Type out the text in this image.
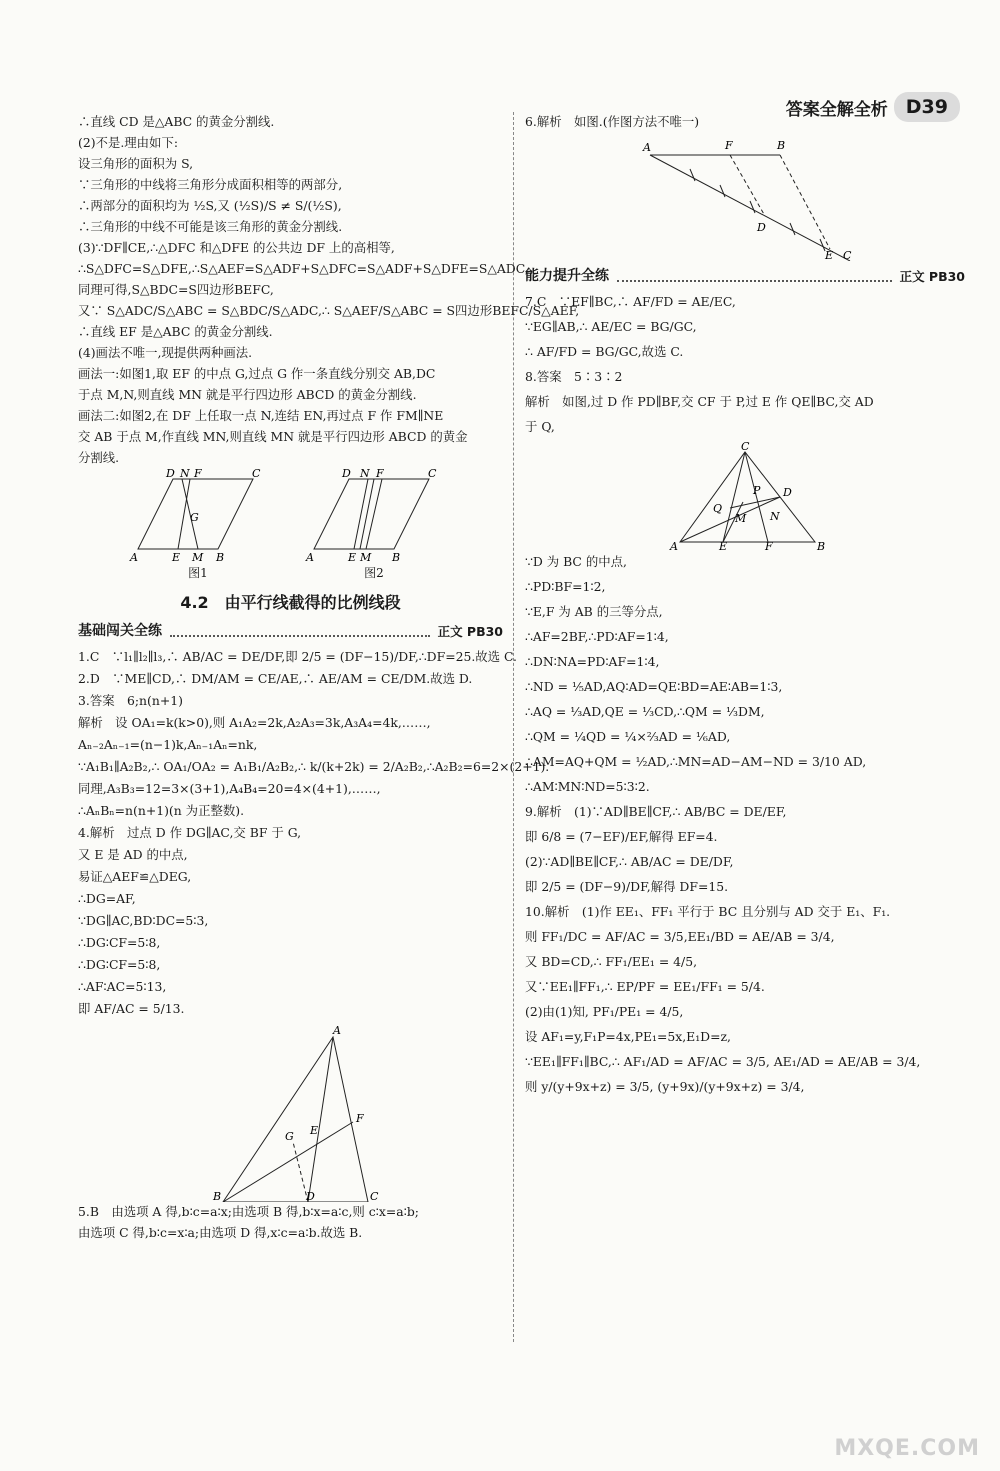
答案全解全析 D39
∴直线 CD 是△ABC 的黄金分割线.
(2)不是.理由如下:
设三角形的面积为 S,
∵三角形的中线将三角形分成面积相等的两部分,
∴两部分的面积均为 ½S,又 (½S)/S ≠ S/(½S),
∴三角形的中线不可能是该三角形的黄金分割线.
(3)∵DF∥CE,∴△DFC 和△DFE 的公共边 DF 上的高相等,
∴S△DFC=S△DFE,∴S△AEF=S△ADF+S△DFC=S△ADF+S△DFE=S△ADC,
同理可得,S△BDC=S四边形BEFC,
又∵ S△ADC/S△ABC = S△BDC/S△ADC,∴ S△AEF/S△ABC = S四边形BEFC/S△AEF,
∴直线 EF 是△ABC 的黄金分割线.
(4)画法不唯一,现提供两种画法.
画法一:如图1,取 EF 的中点 G,过点 G 作一条直线分别交 AB,DC
于点 M,N,则直线 MN 就是平行四边形 ABCD 的黄金分割线.
画法二:如图2,在 DF 上任取一点 N,连结 EN,再过点 F 作 FM∥NE
交 AB 于点 M,作直线 MN,则直线 MN 就是平行四边形 ABCD 的黄金
分割线.
A	E M B
D N F	C
G
图1
A	E M B
D N F	C
图2
4.2　由平行线截得的比例线段
基础闯关全练	正文 PB30
1.C　∵l₁∥l₂∥l₃,∴ AB/AC = DE/DF,即 2/5 = (DF−15)/DF,∴DF=25.故选 C.
2.D　∵ME∥CD,∴ DM/AM = CE/AE,∴ AE/AM = CE/DM.故选 D.
3.答案　6;n(n+1)
解析　设 OA₁=k(k>0),则 A₁A₂=2k,A₂A₃=3k,A₃A₄=4k,……,
Aₙ₋₂Aₙ₋₁=(n−1)k,Aₙ₋₁Aₙ=nk,
∵A₁B₁∥A₂B₂,∴ OA₁/OA₂ = A₁B₁/A₂B₂,∴ k/(k+2k) = 2/A₂B₂,∴A₂B₂=6=2×(2+1).
同理,A₃B₃=12=3×(3+1),A₄B₄=20=4×(4+1),……,
∴AₙBₙ=n(n+1)(n 为正整数).
4.解析　过点 D 作 DG∥AC,交 BF 于 G,
又 E 是 AD 的中点,
易证△AEF≌△DEG,
∴DG=AF,
∵DG∥AC,BD∶DC=5∶3,
∴DG∶CF=5∶8,
∴DG∶CF=5∶8,
∴AF∶AC=5∶13,
即 AF/AC = 5/13.
A
B	D	C
F
E
G
5.B　由选项 A 得,b∶c=a∶x;由选项 B 得,b∶x=a∶c,则 c∶x=a∶b;
由选项 C 得,b∶c=x∶a;由选项 D 得,x∶c=a∶b.故选 B.
6.解析　如图.(作图方法不唯一)
A	F	B
D
E C
能力提升全练	正文 PB30
7.C　∵EF∥BC,∴ AF/FD = AE/EC,
∵EG∥AB,∴ AE/EC = BG/GC,
∴ AF/FD = BG/GC,故选 C.
8.答案　5∶3∶2
解析　如图,过 D 作 PD∥BF,交 CF 于 P,过 E 作 QE∥BC,交 AD
于 Q,
C
A	E	F	B
D
P
Q
M N
∵D 为 BC 的中点,
∴PD∶BF=1∶2,
∵E,F 为 AB 的三等分点,
∴AF=2BF,∴PD∶AF=1∶4,
∴DN∶NA=PD∶AF=1∶4,
∴ND = ⅕AD,AQ∶AD=QE∶BD=AE∶AB=1∶3,
∴AQ = ⅓AD,QE = ⅓CD,∴QM = ⅓DM,
∴QM = ¼QD = ¼×⅔AD = ⅙AD,
∴AM=AQ+QM = ½AD,∴MN=AD−AM−ND = 3/10 AD,
∴AM∶MN∶ND=5∶3∶2.
9.解析　(1)∵AD∥BE∥CF,∴ AB/BC = DE/EF,
即 6/8 = (7−EF)/EF,解得 EF=4.
(2)∵AD∥BE∥CF,∴ AB/AC = DE/DF,
即 2/5 = (DF−9)/DF,解得 DF=15.
10.解析　(1)作 EE₁、FF₁ 平行于 BC 且分别与 AD 交于 E₁、F₁.
则 FF₁/DC = AF/AC = 3/5,EE₁/BD = AE/AB = 3/4,
又 BD=CD,∴ FF₁/EE₁ = 4/5,
又∵EE₁∥FF₁,∴ EP/PF = EE₁/FF₁ = 5/4.
(2)由(1)知, PF₁/PE₁ = 4/5,
设 AF₁=y,F₁P=4x,PE₁=5x,E₁D=z,
∵EE₁∥FF₁∥BC,∴ AF₁/AD = AF/AC = 3/5, AE₁/AD = AE/AB = 3/4,
则 y/(y+9x+z) = 3/5, (y+9x)/(y+9x+z) = 3/4,
MXQE.COM
